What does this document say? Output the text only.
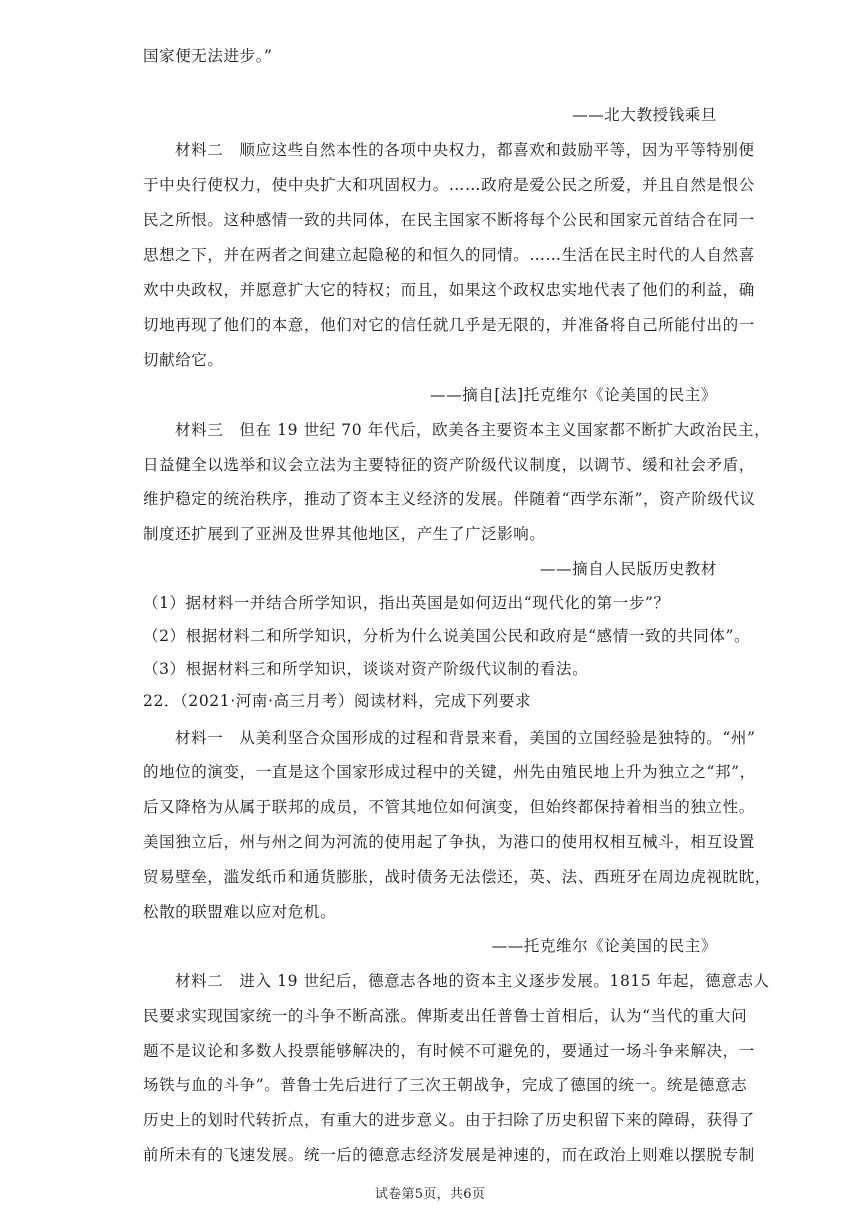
国家便无法进步。”
——北大教授钱乘旦
材料二　顺应这些自然本性的各项中央权力，都喜欢和鼓励平等，因为平等特别便
于中央行使权力，使中央扩大和巩固权力。……政府是爱公民之所爱，并且自然是恨公
民之所恨。这种感情一致的共同体，在民主国家不断将每个公民和国家元首结合在同一
思想之下，并在两者之间建立起隐秘的和恒久的同情。……生活在民主时代的人自然喜
欢中央政权，并愿意扩大它的特权；而且，如果这个政权忠实地代表了他们的利益，确
切地再现了他们的本意，他们对它的信任就几乎是无限的，并准备将自己所能付出的一
切献给它。
——摘自[法]托克维尔《论美国的民主》
材料三　但在 19 世纪 70 年代后，欧美各主要资本主义国家都不断扩大政治民主，
日益健全以选举和议会立法为主要特征的资产阶级代议制度，以调节、缓和社会矛盾，
维护稳定的统治秩序，推动了资本主义经济的发展。伴随着“西学东渐”，资产阶级代议
制度还扩展到了亚洲及世界其他地区，产生了广泛影响。
——摘自人民版历史教材
（1）据材料一并结合所学知识，指出英国是如何迈出“现代化的第一步”？
（2）根据材料二和所学知识，分析为什么说美国公民和政府是“感情一致的共同体”。
（3）根据材料三和所学知识，谈谈对资产阶级代议制的看法。
22．（2021·河南·高三月考）阅读材料，完成下列要求
材料一　从美利坚合众国形成的过程和背景来看，美国的立国经验是独特的。“州”
的地位的演变，一直是这个国家形成过程中的关键，州先由殖民地上升为独立之“邦”，
后又降格为从属于联邦的成员，不管其地位如何演变，但始终都保持着相当的独立性。
美国独立后，州与州之间为河流的使用起了争执，为港口的使用权相互械斗，相互设置
贸易壁垒，滥发纸币和通货膨胀，战时债务无法偿还，英、法、西班牙在周边虎视眈眈，
松散的联盟难以应对危机。
——托克维尔《论美国的民主》
材料二　进入 19 世纪后，德意志各地的资本主义逐步发展。1815 年起，德意志人
民要求实现国家统一的斗争不断高涨。俾斯麦出任普鲁士首相后，认为“当代的重大问
题不是议论和多数人投票能够解决的，有时候不可避免的，要通过一场斗争来解决，一
场铁与血的斗争”。普鲁士先后进行了三次王朝战争，完成了德国的统一。统是德意志
历史上的划时代转折点，有重大的进步意义。由于扫除了历史积留下来的障碍，获得了
前所未有的飞速发展。统一后的德意志经济发展是神速的，而在政治上则难以摆脱专制
试卷第5页，共6页
